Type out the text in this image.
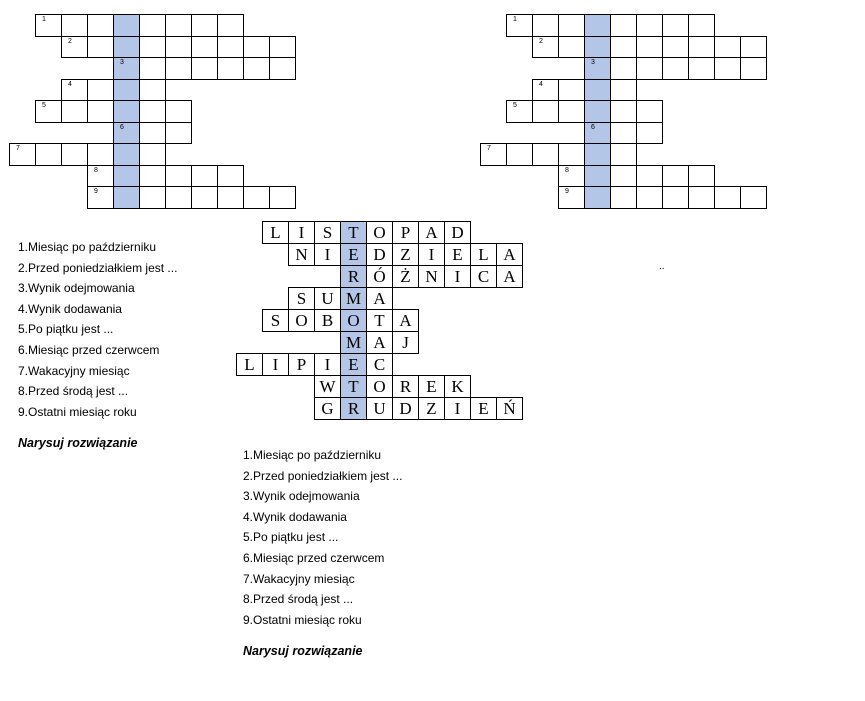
1
2
3
4
5
6
7
8
9
1
2
3
4
5
6
7
8
9
L	I	S T O P A D
N	I	E D Z	I	E L A
R Ó Ż N	I	C A
S U M A
S O B O T A
M A J
L	I	P	I	E C
W T O R E K
G R U D Z	I	E Ń
1.Miesiąc po październiku
2.Przed poniedziałkiem jest ...
3.Wynik odejmowania
4.Wynik dodawania
5.Po piątku jest ...
6.Miesiąc przed czerwcem
7.Wakacyjny miesiąc
8.Przed środą jest ...
9.Ostatni miesiąc roku
Narysuj rozwiązanie
1.Miesiąc po październiku
2.Przed poniedziałkiem jest ...
3.Wynik odejmowania
4.Wynik dodawania
5.Po piątku jest ...
6.Miesiąc przed czerwcem
7.Wakacyjny miesiąc
8.Przed środą jest ...
9.Ostatni miesiąc roku
Narysuj rozwiązanie
..
